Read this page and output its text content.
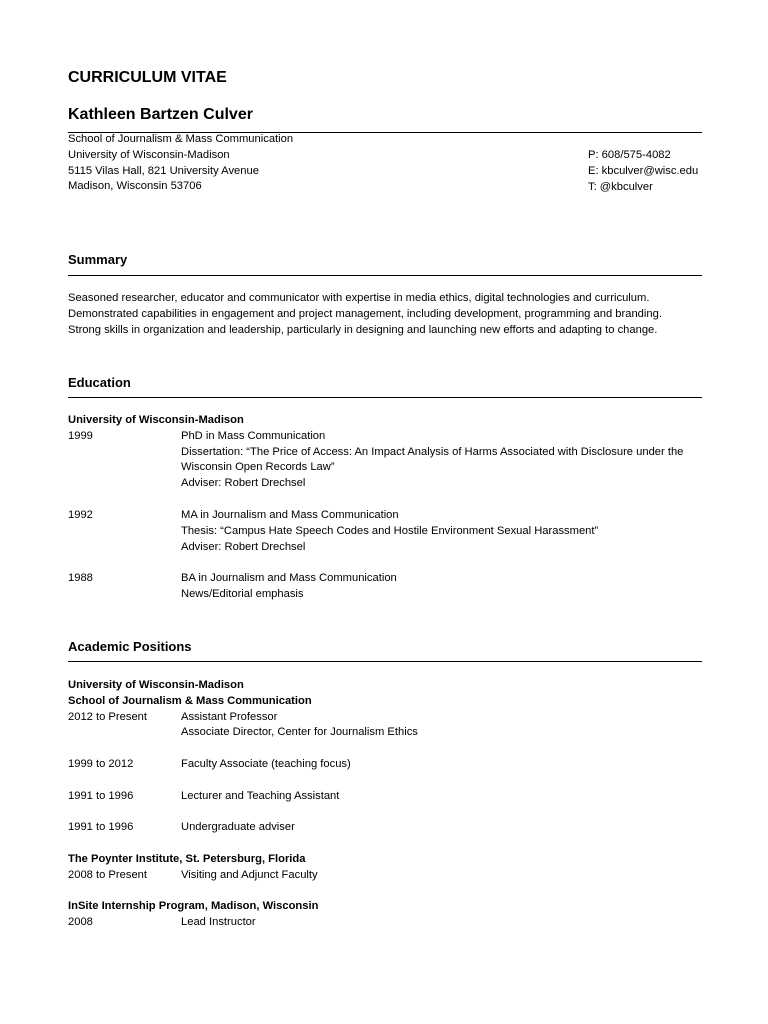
CURRICULUM VITAE
Kathleen Bartzen Culver
School of Journalism & Mass Communication
University of Wisconsin-Madison
5115 Vilas Hall, 821 University Avenue
Madison, Wisconsin 53706
P: 608/575-4082
E: kbculver@wisc.edu
T: @kbculver
Summary
Seasoned researcher, educator and communicator with expertise in media ethics, digital technologies and curriculum.
Demonstrated capabilities in engagement and project management, including development, programming and branding.
Strong skills in organization and leadership, particularly in designing and launching new efforts and adapting to change.
Education
University of Wisconsin-Madison
1999	PhD in Mass Communication
Dissertation: “The Price of Access: An Impact Analysis of Harms Associated with Disclosure under the
Wisconsin Open Records Law”
Adviser: Robert Drechsel
1992	MA in Journalism and Mass Communication
Thesis: “Campus Hate Speech Codes and Hostile Environment Sexual Harassment”
Adviser: Robert Drechsel
1988	BA in Journalism and Mass Communication
News/Editorial emphasis
Academic Positions
University of Wisconsin-Madison
School of Journalism & Mass Communication
2012 to Present	Assistant Professor
Associate Director, Center for Journalism Ethics
1999 to 2012	Faculty Associate (teaching focus)
1991 to 1996	Lecturer and Teaching Assistant
1991 to 1996	Undergraduate adviser
The Poynter Institute, St. Petersburg, Florida
2008 to Present	Visiting and Adjunct Faculty
InSite Internship Program, Madison, Wisconsin
2008	Lead Instructor
